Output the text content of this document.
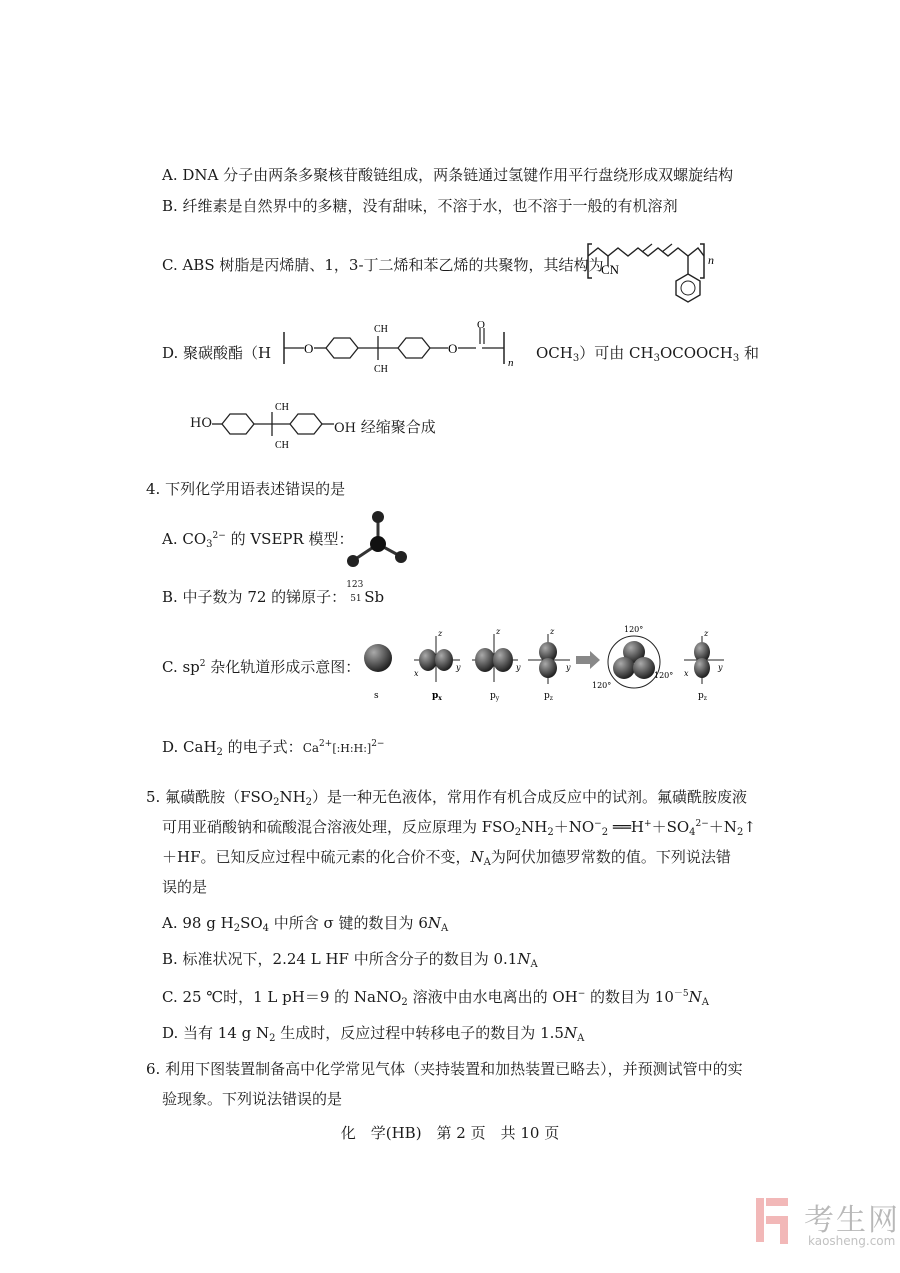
A. DNA 分子由两条多聚核苷酸链组成，两条链通过氢键作用平行盘绕形成双螺旋结构
B. 纤维素是自然界中的多糖，没有甜味，不溶于水，也不溶于一般的有机溶剂
C. ABS 树脂是丙烯腈、1，3-丁二烯和苯乙烯的共聚物，其结构为
CN
n
D. 聚碳酸酯（H	O
CH
CH
O
O
n
$OCH_3$）可由 $CH_3OCOOCH_3$ 和
HO
CH
CH
OH 经缩聚合成
4. 下列化学用语表述错误的是
A. $CO_3^{2-}$ 的 VSEPR 模型：
B. 中子数为 72 的锑原子：
123
51 Sb
C. $sp^2$ 杂化轨道形成示意图：
s
z
y
x
$p_x$
z
y
$p_y$
z
y
$p_z$
120°
120°
120°
z
y
x
$p_z$
D. CaH$_2$ 的电子式：$Ca^{2+}[:H:H:]^{2-}$
5. 氟磺酰胺$(FSO_2NH_2)$是一种无色液体，常用作有机合成反应中的试剂。氟磺酰胺废液
可用亚硝酸钠和硫酸混合溶液处理，反应原理为 $FSO_2NH_2+NO^-_2$ $══H^++SO_4^{2-}+N_2↑$
＋HF。已知反应过程中硫元素的化合价不变，$N_A$为阿伏加德罗常数的值。下列说法错
误的是
A. 98 g $H_2SO_4$ 中所含 σ 键的数目为 $6N_A$
B. 标准状况下，2.24 L HF 中所含分子的数目为 $0.1N_A$
C. 25 ℃时，1 L pH＝9 的 NaNO$_2$ 溶液中由水电离出的 OH− 的数目为 $10^{-5}N_A$
D. 当有 14 g $N_2$ 生成时，反应过程中转移电子的数目为 $1.5N_A$
6. 利用下图装置制备高中化学常见气体（夹持装置和加热装置已略去），并预测试管中的实
验现象。下列说法错误的是
化　学(HB)　第 2 页　共 10 页
考生网
kaosheng.com
